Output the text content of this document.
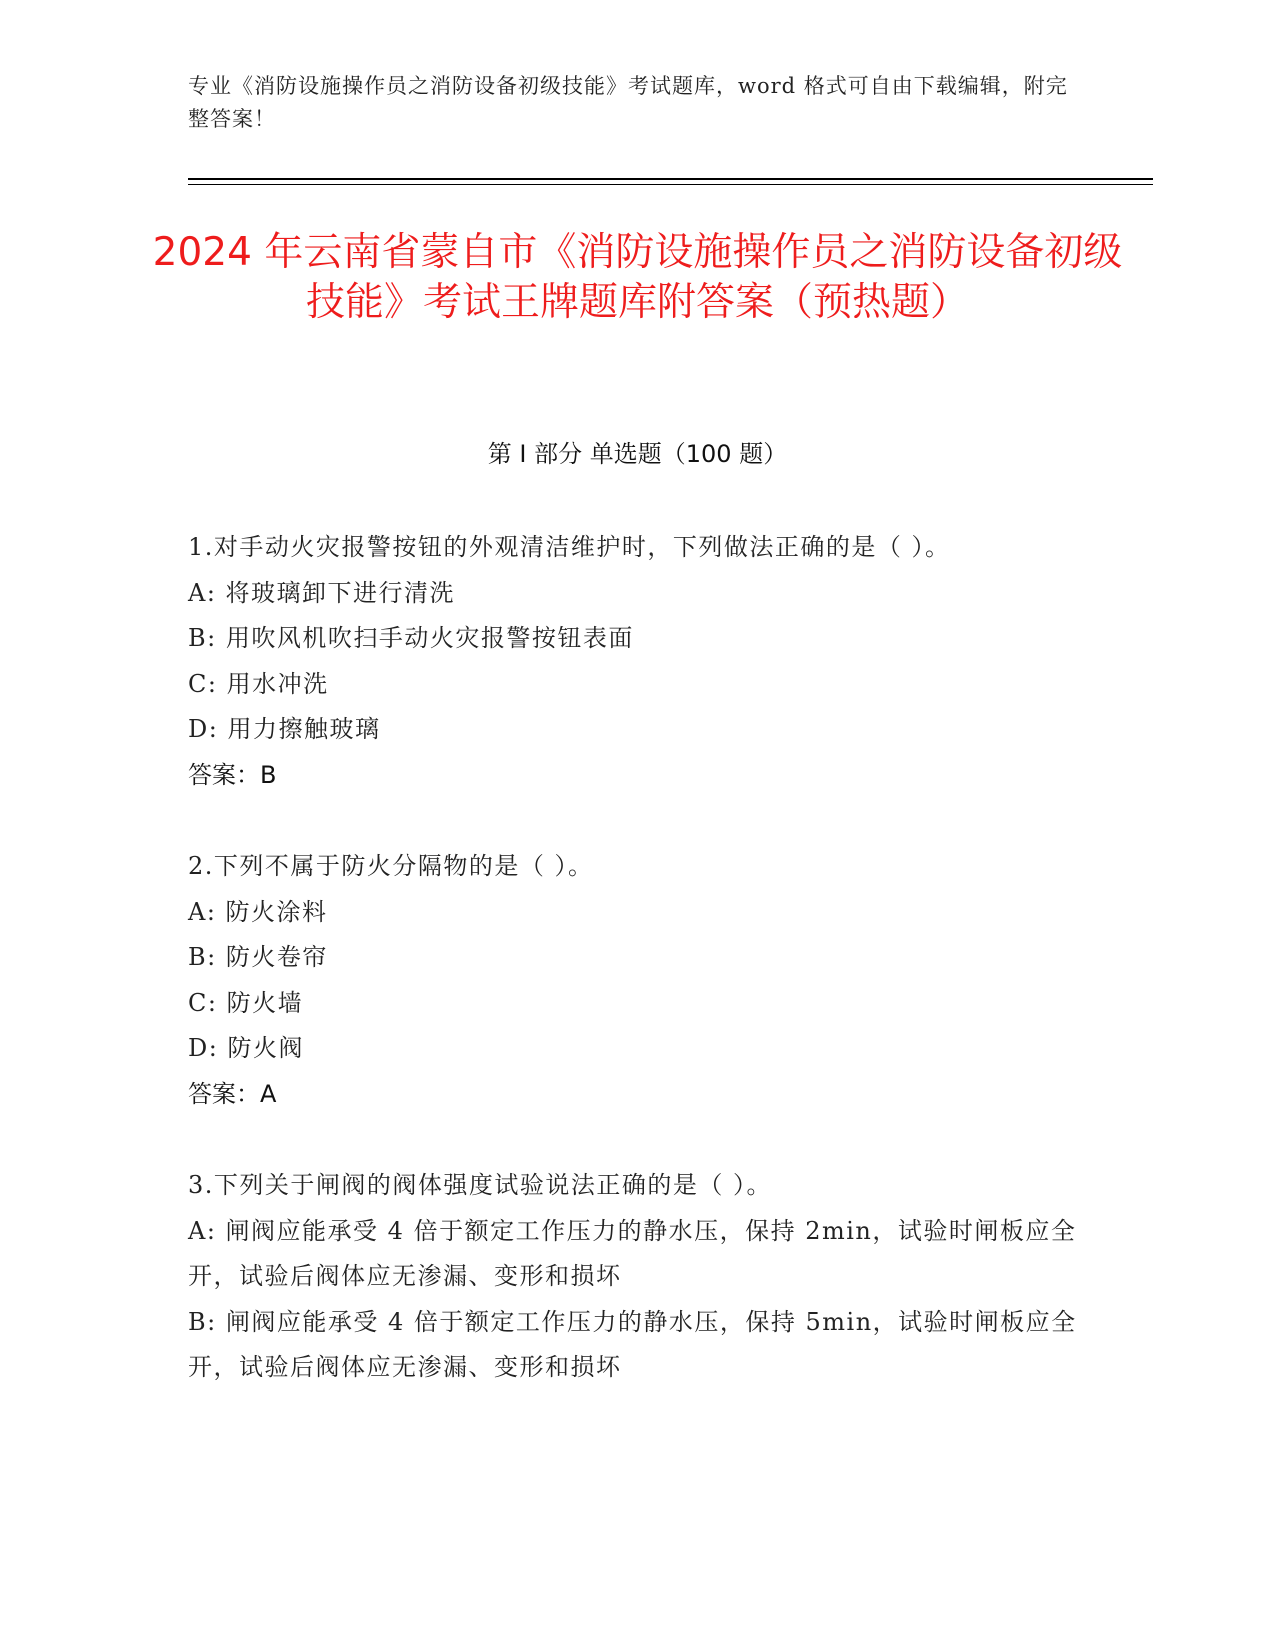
专业《消防设施操作员之消防设备初级技能》考试题库，word 格式可自由下载编辑，附完整答案！
2024 年云南省蒙自市《消防设施操作员之消防设备初级技能》考试王牌题库附答案（预热题）
第 I 部分 单选题（100 题）
1.对手动火灾报警按钮的外观清洁维护时，下列做法正确的是（ ）。
A: 将玻璃卸下进行清洗
B: 用吹风机吹扫手动火灾报警按钮表面
C: 用水冲洗
D: 用力擦触玻璃
答案：B
2.下列不属于防火分隔物的是（ ）。
A: 防火涂料
B: 防火卷帘
C: 防火墙
D: 防火阀
答案：A
3.下列关于闸阀的阀体强度试验说法正确的是（ ）。
A: 闸阀应能承受 4 倍于额定工作压力的静水压，保持 2min，试验时闸板应全开，试验后阀体应无渗漏、变形和损坏
B: 闸阀应能承受 4 倍于额定工作压力的静水压，保持 5min，试验时闸板应全开，试验后阀体应无渗漏、变形和损坏
